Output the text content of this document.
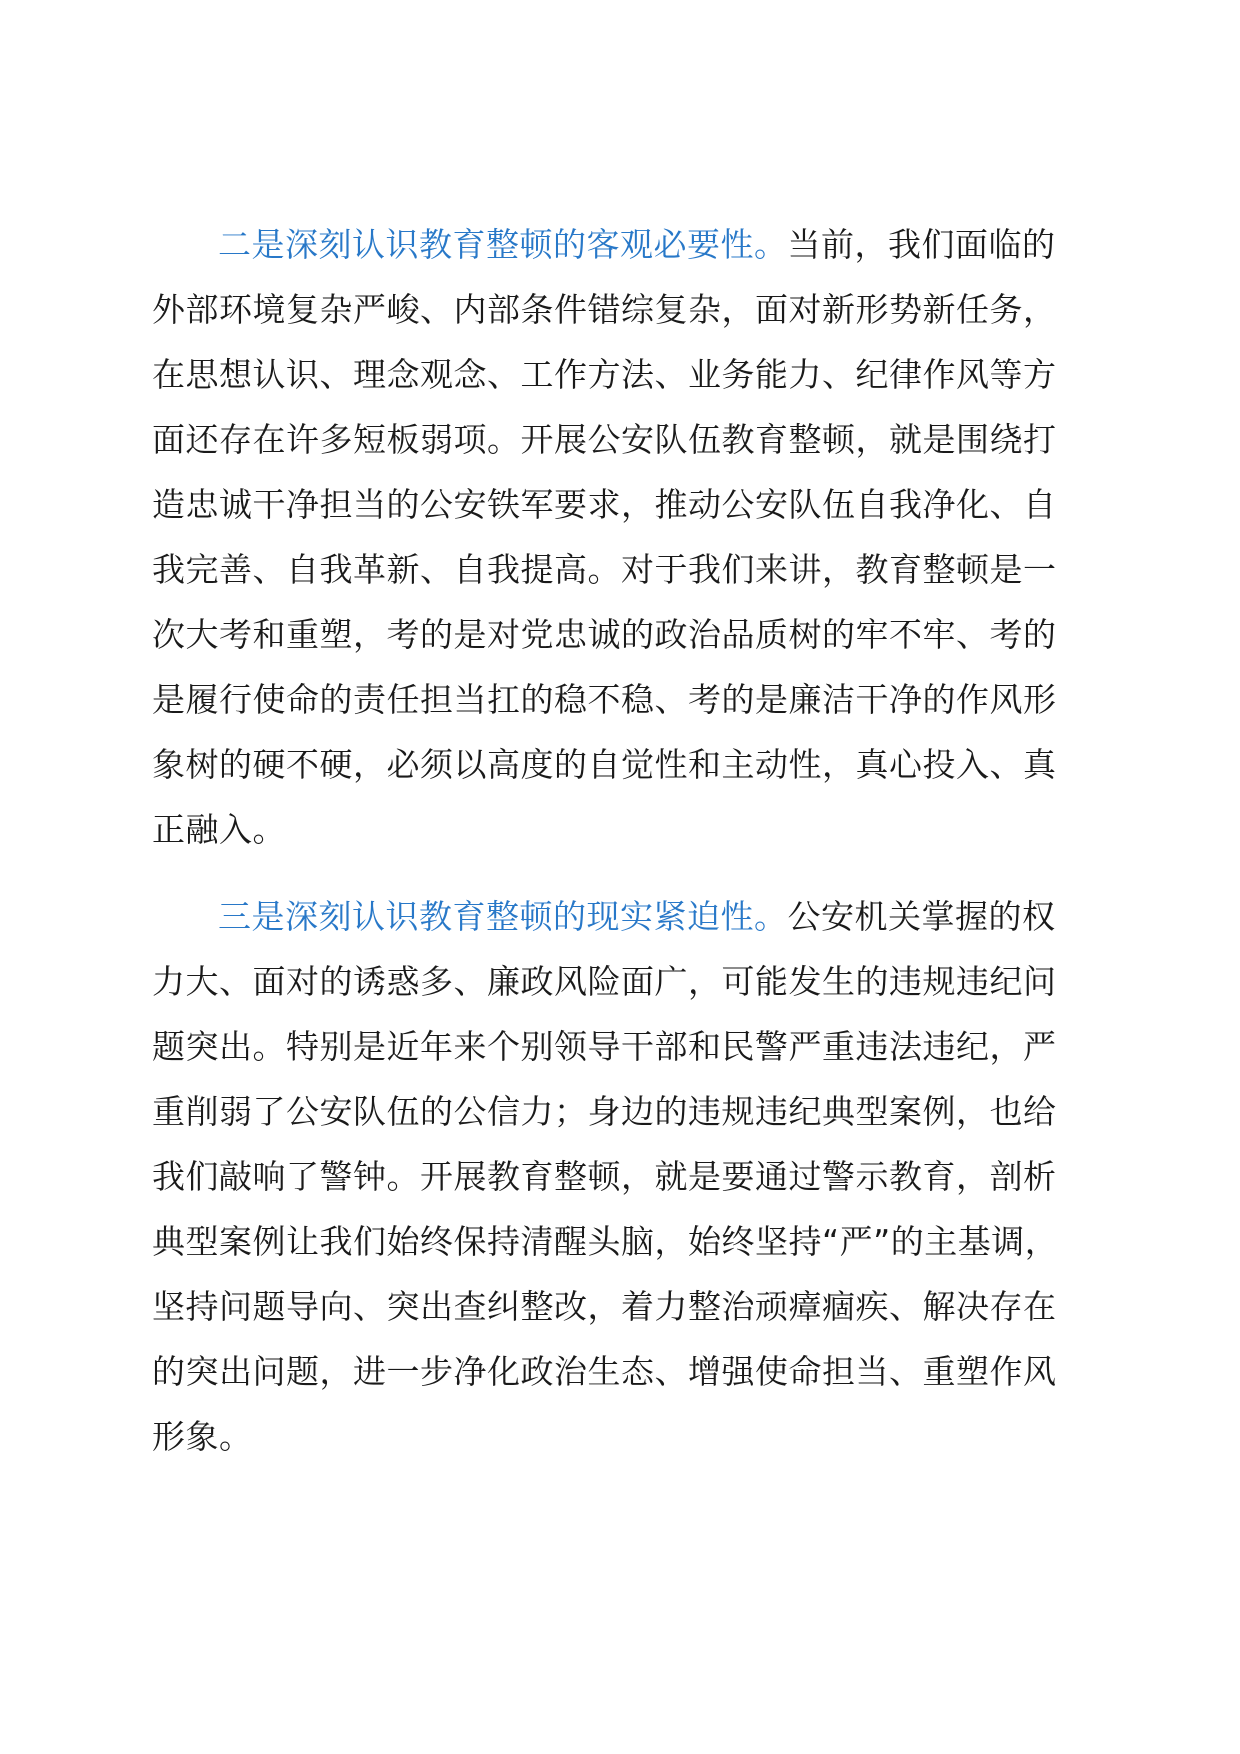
二是深刻认识教育整顿的客观必要性。当前，我们面临的
外部环境复杂严峻、内部条件错综复杂，面对新形势新任务，
在思想认识、理念观念、工作方法、业务能力、纪律作风等方
面还存在许多短板弱项。开展公安队伍教育整顿，就是围绕打
造忠诚干净担当的公安铁军要求，推动公安队伍自我净化、自
我完善、自我革新、自我提高。对于我们来讲，教育整顿是一
次大考和重塑，考的是对党忠诚的政治品质树的牢不牢、考的
是履行使命的责任担当扛的稳不稳、考的是廉洁干净的作风形
象树的硬不硬，必须以高度的自觉性和主动性，真心投入、真
正融入。

三是深刻认识教育整顿的现实紧迫性。公安机关掌握的权
力大、面对的诱惑多、廉政风险面广，可能发生的违规违纪问
题突出。特别是近年来个别领导干部和民警严重违法违纪，严
重削弱了公安队伍的公信力；身边的违规违纪典型案例，也给
我们敲响了警钟。开展教育整顿，就是要通过警示教育，剖析
典型案例让我们始终保持清醒头脑，始终坚持“严”的主基调，
坚持问题导向、突出查纠整改，着力整治顽瘴痼疾、解决存在
的突出问题，进一步净化政治生态、增强使命担当、重塑作风
形象。
